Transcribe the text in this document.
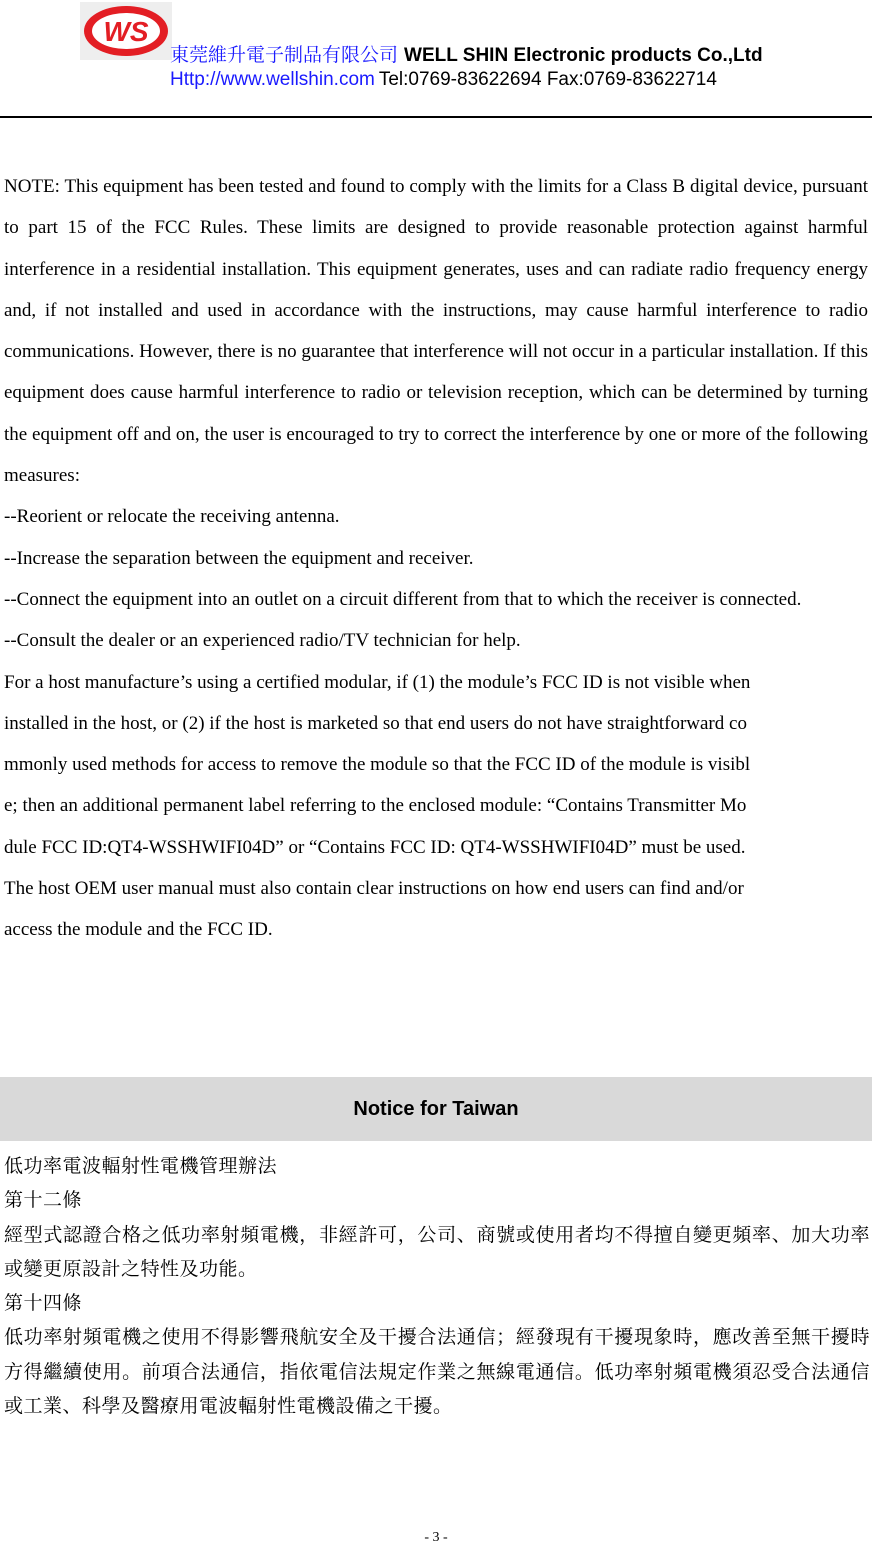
WS
東莞維升電子制品有限公司 WELL SHIN Electronic products Co.,Ltd
Http://www.wellshin.com Tel:0769-83622694 Fax:0769-83622714

NOTE: This equipment has been tested and found to comply with the limits for a Class B digital device, pursuant to part 15 of the FCC Rules. These limits are designed to provide reasonable protection against harmful interference in a residential installation. This equipment generates, uses and can radiate radio frequency energy and, if not installed and used in accordance with the instructions, may cause harmful interference to radio communications. However, there is no guarantee that interference will not occur in a particular installation. If this equipment does cause harmful interference to radio or television reception, which can be determined by turning the equipment off and on, the user is encouraged to try to correct the interference by one or more of the following measures:

--Reorient or relocate the receiving antenna.

--Increase the separation between the equipment and receiver.

--Connect the equipment into an outlet on a circuit different from that to which the receiver is connected.

--Consult the dealer or an experienced radio/TV technician for help.

For a host manufacture’s using a certified modular, if (1) the module’s FCC ID is not visible when

installed in the host, or (2) if the host is marketed so that end users do not have straightforward co

mmonly used methods for access to remove the module so that the FCC ID of the module is visibl

e; then an additional permanent label referring to the enclosed module: “Contains Transmitter Mo

dule FCC ID:QT4-WSSHWIFI04D” or “Contains FCC ID: QT4-WSSHWIFI04D” must be used.

The host OEM user manual must also contain clear instructions on how end users can find and/or

access the module and the FCC ID.

Notice for Taiwan

低功率電波輻射性電機管理辦法

第十二條

經型式認證合格之低功率射頻電機，非經許可，公司、商號或使用者均不得擅自變更頻率、加大功率或變更原設計之特性及功能。

第十四條

低功率射頻電機之使用不得影響飛航安全及干擾合法通信；經發現有干擾現象時，應改善至無干擾時方得繼續使用。前項合法通信，指依電信法規定作業之無線電通信。低功率射頻電機須忍受合法通信或工業、科學及醫療用電波輻射性電機設備之干擾。

- 3 -
